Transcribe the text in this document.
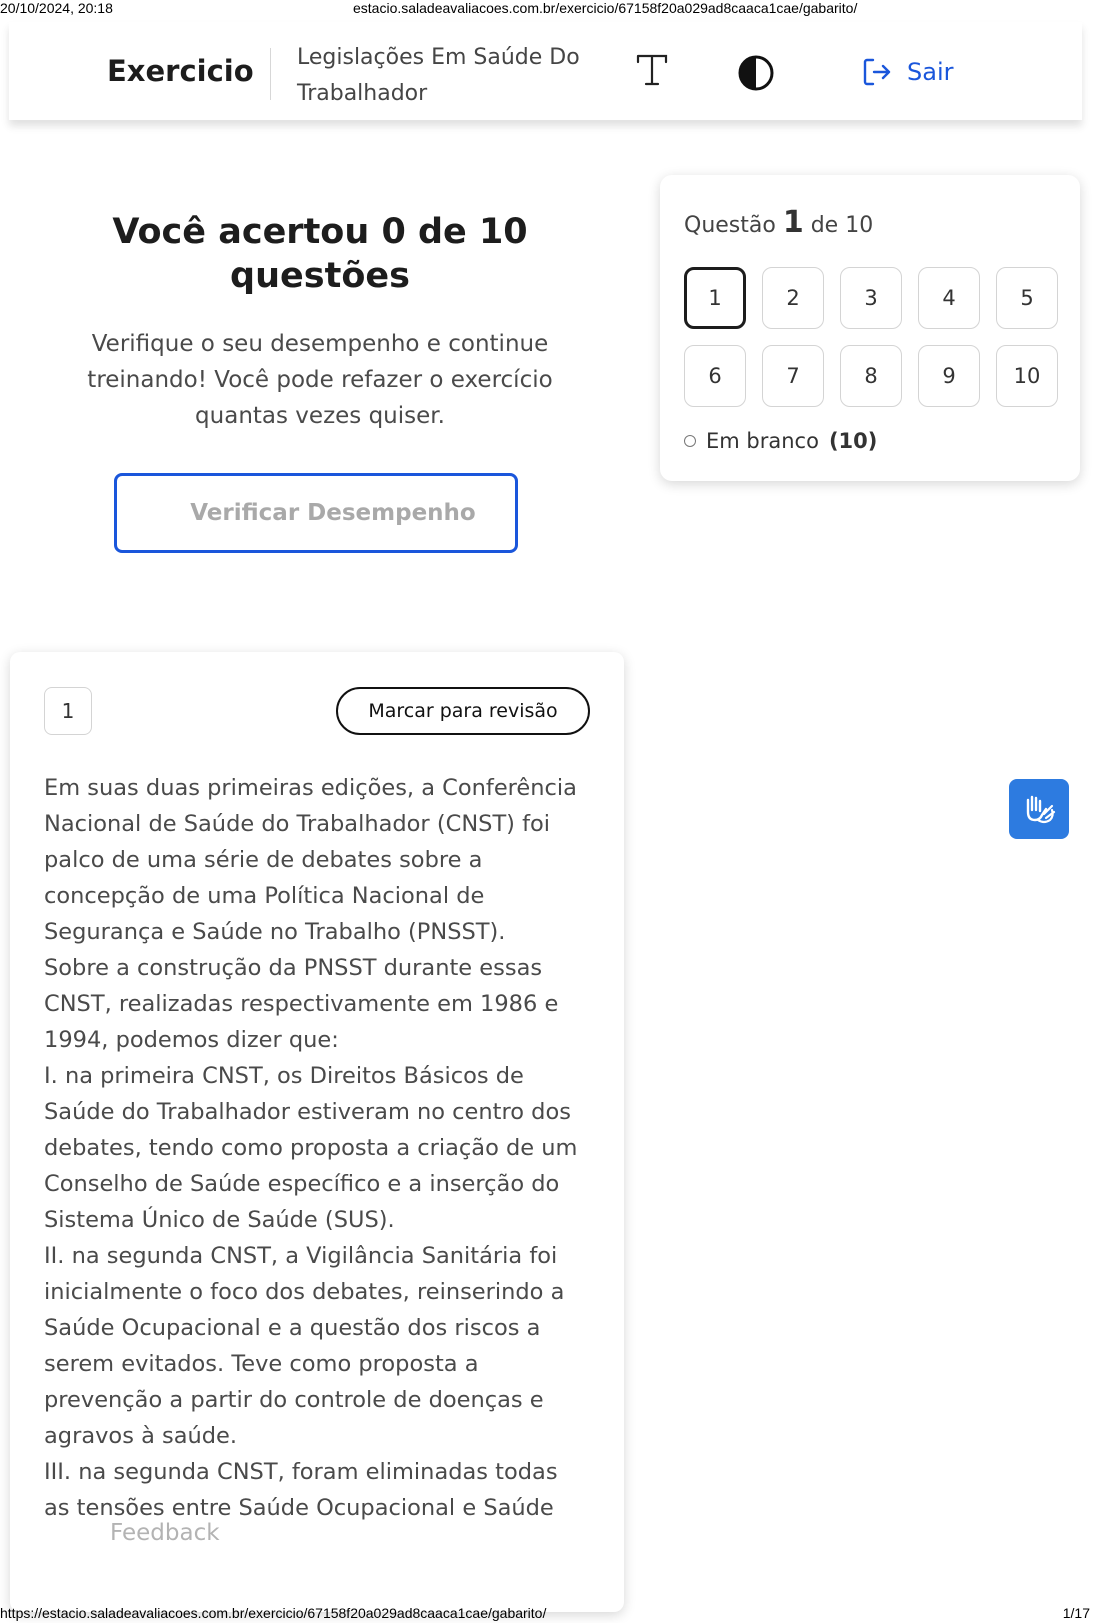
20/10/2024, 20:18	estacio.saladeavaliacoes.com.br/exercicio/67158f20a029ad8caaca1cae/gabarito/
Exercicio Legislações Em Saúde Do
Trabalhador
Sair
Você acertou 0 de 10
questões

Verifique o seu desempenho e continue
treinando! Você pode refazer o exercício
quantas vezes quiser.

Verificar Desempenho
Questão 1 de 10
1	2	3	4	5
6	7	8	9	10
Em branco (10)
1	Marcar para revisão
Em suas duas primeiras edições, a Conferência
Nacional de Saúde do Trabalhador (CNST) foi
palco de uma série de debates sobre a
concepção de uma Política Nacional de
Segurança e Saúde no Trabalho (PNSST).
Sobre a construção da PNSST durante essas
CNST, realizadas respectivamente em 1986 e
1994, podemos dizer que:
I. na primeira CNST, os Direitos Básicos de
Saúde do Trabalhador estiveram no centro dos
debates, tendo como proposta a criação de um
Conselho de Saúde específico e a inserção do
Sistema Único de Saúde (SUS).
II. na segunda CNST, a Vigilância Sanitária foi
inicialmente o foco dos debates, reinserindo a
Saúde Ocupacional e a questão dos riscos a
serem evitados. Teve como proposta a
prevenção a partir do controle de doenças e
agravos à saúde.
III. na segunda CNST, foram eliminadas todas
as tensões entre Saúde Ocupacional e Saúde
Feedback
https://estacio.saladeavaliacoes.com.br/exercicio/67158f20a029ad8caaca1cae/gabarito/	1/17
